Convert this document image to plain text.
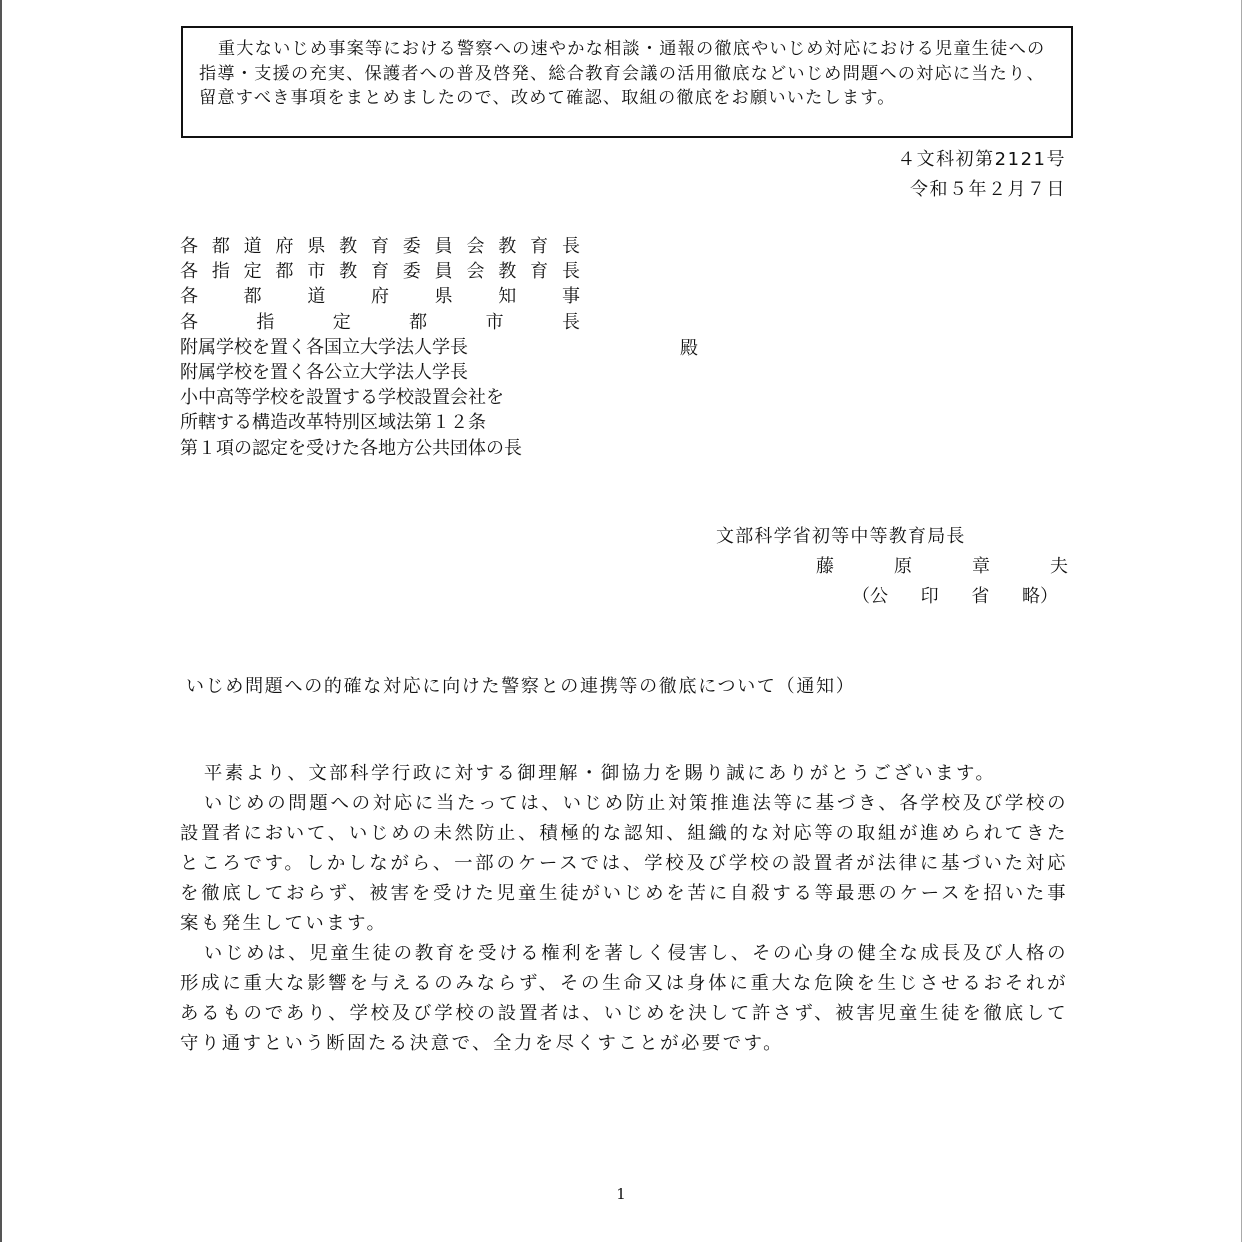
重大ないじめ事案等における警察への速やかな相談・通報の徹底やいじめ対応における児童生徒への指導・支援の充実、保護者への普及啓発、総合教育会議の活用徹底などいじめ問題への対応に当たり、留意すべき事項をまとめましたので、改めて確認、取組の徹底をお願いいたします。

４文科初第2121号
令和５年２月７日
各 都 道 府 県 教 育 委 員 会 教 育 長
各 指 定 都 市 教 育 委 員 会 教 育 長
各	都	道	府	県	知	事
各	指	定	都	市	長
附属学校を置く各国立大学法人学長
附属学校を置く各公立大学法人学長
小中高等学校を設置する学校設置会社を
所轄する構造改革特別区域法第１２条
第１項の認定を受けた各地方公共団体の長
殿
文部科学省初等中等教育局長
藤	原	章	夫
（公 印 省 略）
いじめ問題への的確な対応に向けた警察との連携等の徹底について（通知）

平素より、文部科学行政に対する御理解・御協力を賜り誠にありがとうございます。

いじめの問題への対応に当たっては、いじめ防止対策推進法等に基づき、各学校及び学校の設置者において、いじめの未然防止、積極的な認知、組織的な対応等の取組が進められてきたところです。しかしながら、一部のケースでは、学校及び学校の設置者が法律に基づいた対応を徹底しておらず、被害を受けた児童生徒がいじめを苦に自殺する等最悪のケースを招いた事案も発生しています。

いじめは、児童生徒の教育を受ける権利を著しく侵害し、その心身の健全な成長及び人格の形成に重大な影響を与えるのみならず、その生命又は身体に重大な危険を生じさせるおそれがあるものであり、学校及び学校の設置者は、いじめを決して許さず、被害児童生徒を徹底して守り通すという断固たる決意で、全力を尽くすことが必要です。

1
